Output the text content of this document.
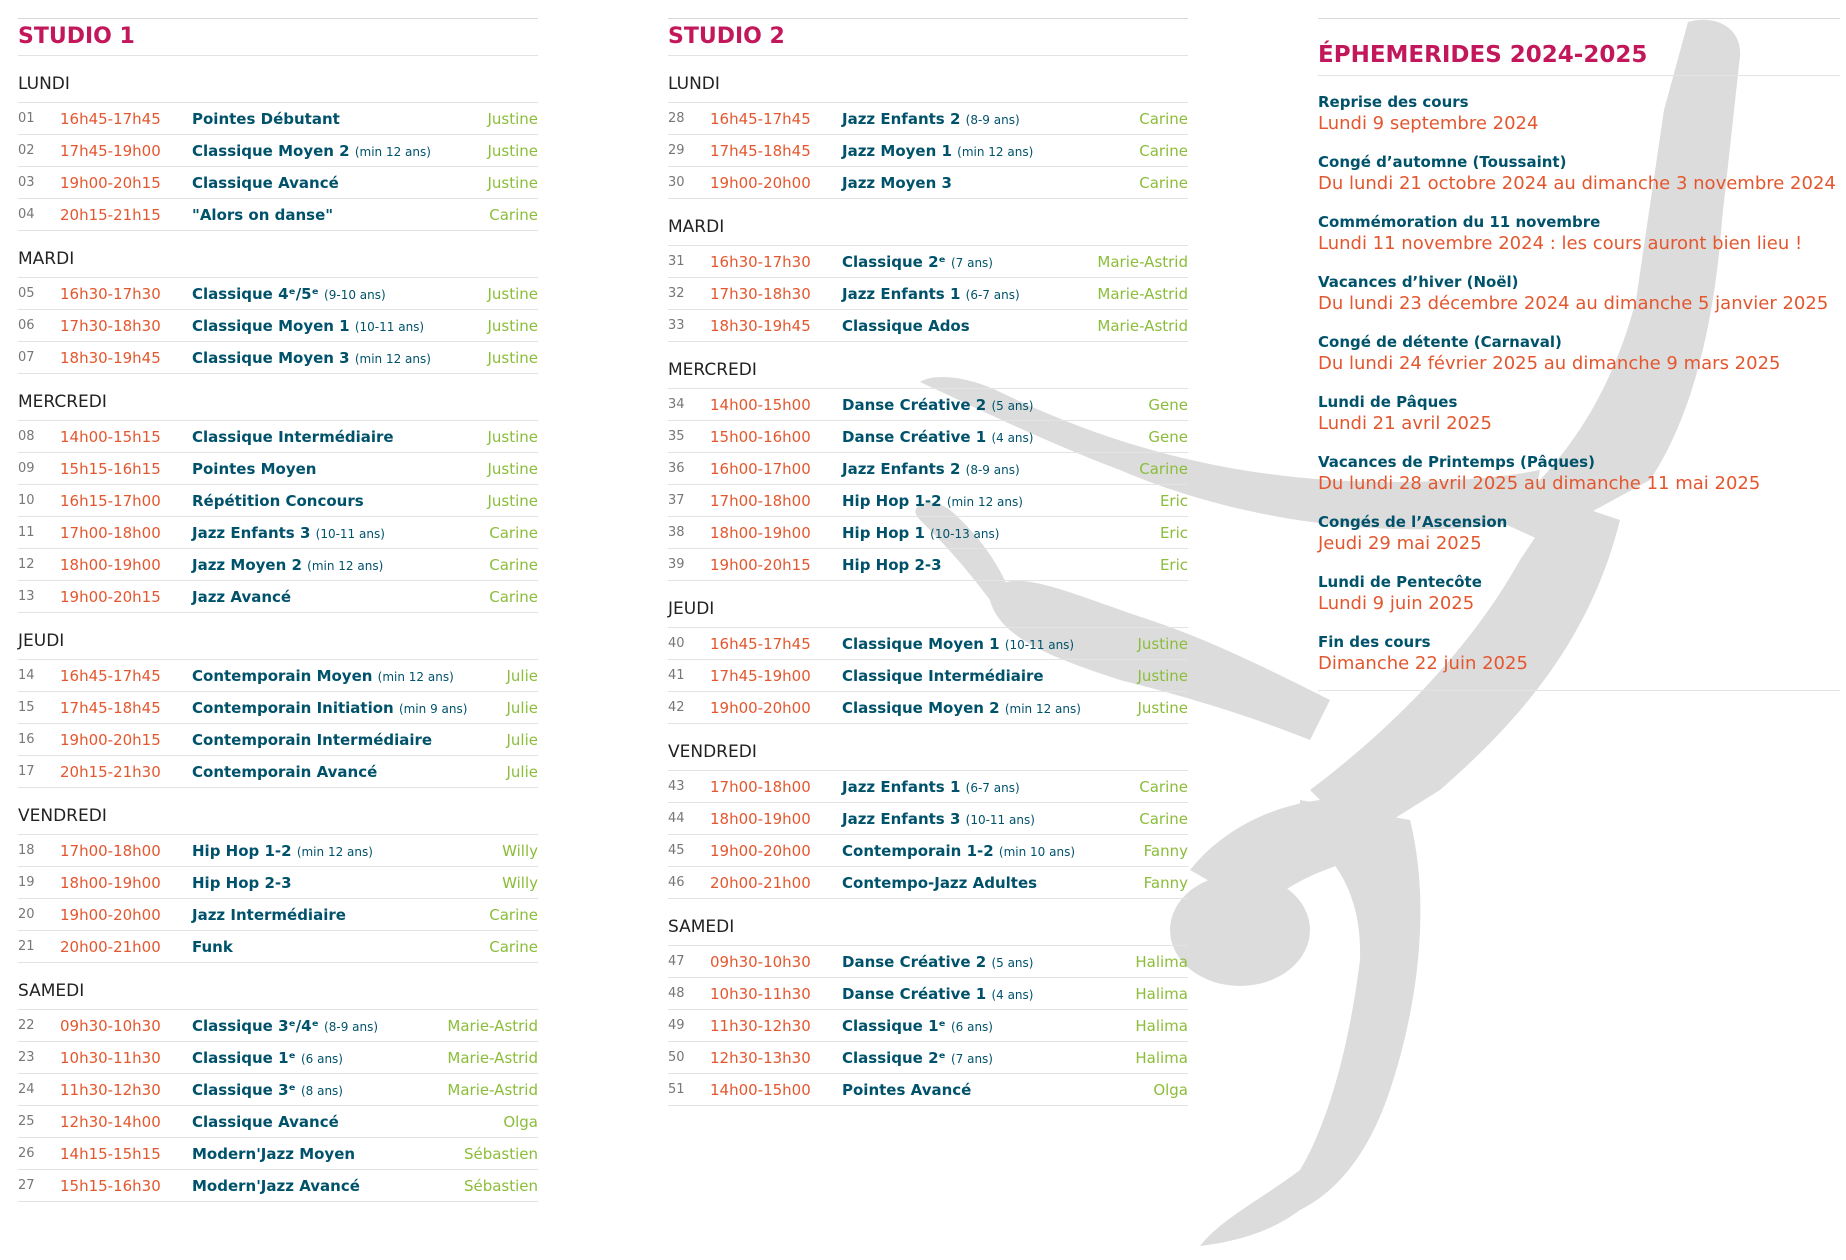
STUDIO 1
LUNDI
01	16h45-17h45	Pointes Débutant	Justine
02	17h45-19h00	Classique Moyen 2 (min 12 ans)	Justine
03	19h00-20h15	Classique Avancé	Justine
04	20h15-21h15	"Alors on danse"	Carine
MARDI
05	16h30-17h30	Classique 4ᵉ/5ᵉ (9-10 ans)	Justine
06	17h30-18h30	Classique Moyen 1 (10-11 ans)	Justine
07	18h30-19h45	Classique Moyen 3 (min 12 ans)	Justine
MERCREDI
08	14h00-15h15	Classique Intermédiaire	Justine
09	15h15-16h15	Pointes Moyen	Justine
10	16h15-17h00	Répétition Concours	Justine
11	17h00-18h00	Jazz Enfants 3 (10-11 ans)	Carine
12	18h00-19h00	Jazz Moyen 2 (min 12 ans)	Carine
13	19h00-20h15	Jazz Avancé	Carine
JEUDI
14	16h45-17h45	Contemporain Moyen (min 12 ans)	Julie
15	17h45-18h45	Contemporain Initiation (min 9 ans)	Julie
16	19h00-20h15	Contemporain Intermédiaire	Julie
17	20h15-21h30	Contemporain Avancé	Julie
VENDREDI
18	17h00-18h00	Hip Hop 1-2 (min 12 ans)	Willy
19	18h00-19h00	Hip Hop 2-3	Willy
20	19h00-20h00	Jazz Intermédiaire	Carine
21	20h00-21h00	Funk	Carine
SAMEDI
22	09h30-10h30	Classique 3ᵉ/4ᵉ (8-9 ans)	Marie-Astrid
23	10h30-11h30	Classique 1ᵉ (6 ans)	Marie-Astrid
24	11h30-12h30	Classique 3ᵉ (8 ans)	Marie-Astrid
25	12h30-14h00	Classique Avancé	Olga
26	14h15-15h15	Modern'Jazz Moyen	Sébastien
27	15h15-16h30	Modern'Jazz Avancé	Sébastien
STUDIO 2
LUNDI
28	16h45-17h45	Jazz Enfants 2 (8-9 ans)	Carine
29	17h45-18h45	Jazz Moyen 1 (min 12 ans)	Carine
30	19h00-20h00	Jazz Moyen 3	Carine
MARDI
31	16h30-17h30	Classique 2ᵉ (7 ans)	Marie-Astrid
32	17h30-18h30	Jazz Enfants 1 (6-7 ans)	Marie-Astrid
33	18h30-19h45	Classique Ados	Marie-Astrid
MERCREDI
34	14h00-15h00	Danse Créative 2 (5 ans)	Gene
35	15h00-16h00	Danse Créative 1 (4 ans)	Gene
36	16h00-17h00	Jazz Enfants 2 (8-9 ans)	Carine
37	17h00-18h00	Hip Hop 1-2 (min 12 ans)	Eric
38	18h00-19h00	Hip Hop 1 (10-13 ans)	Eric
39	19h00-20h15	Hip Hop 2-3	Eric
JEUDI
40	16h45-17h45	Classique Moyen 1 (10-11 ans)	Justine
41	17h45-19h00	Classique Intermédiaire	Justine
42	19h00-20h00	Classique Moyen 2 (min 12 ans)	Justine
VENDREDI
43	17h00-18h00	Jazz Enfants 1 (6-7 ans)	Carine
44	18h00-19h00	Jazz Enfants 3 (10-11 ans)	Carine
45	19h00-20h00	Contemporain 1-2 (min 10 ans)	Fanny
46	20h00-21h00	Contempo-Jazz Adultes	Fanny
SAMEDI
47	09h30-10h30	Danse Créative 2 (5 ans)	Halima
48	10h30-11h30	Danse Créative 1 (4 ans)	Halima
49	11h30-12h30	Classique 1ᵉ (6 ans)	Halima
50	12h30-13h30	Classique 2ᵉ (7 ans)	Halima
51	14h00-15h00	Pointes Avancé	Olga
ÉPHEMERIDES 2024-2025
Reprise des cours
Lundi 9 septembre 2024
Congé d’automne (Toussaint)
Du lundi 21 octobre 2024 au dimanche 3 novembre 2024
Commémoration du 11 novembre
Lundi 11 novembre 2024 : les cours auront bien lieu !
Vacances d’hiver (Noël)
Du lundi 23 décembre 2024 au dimanche 5 janvier 2025
Congé de détente (Carnaval)
Du lundi 24 février 2025 au dimanche 9 mars 2025
Lundi de Pâques
Lundi 21 avril 2025
Vacances de Printemps (Pâques)
Du lundi 28 avril 2025 au dimanche 11 mai 2025
Congés de l’Ascension
Jeudi 29 mai 2025
Lundi de Pentecôte
Lundi 9 juin 2025
Fin des cours
Dimanche 22 juin 2025
